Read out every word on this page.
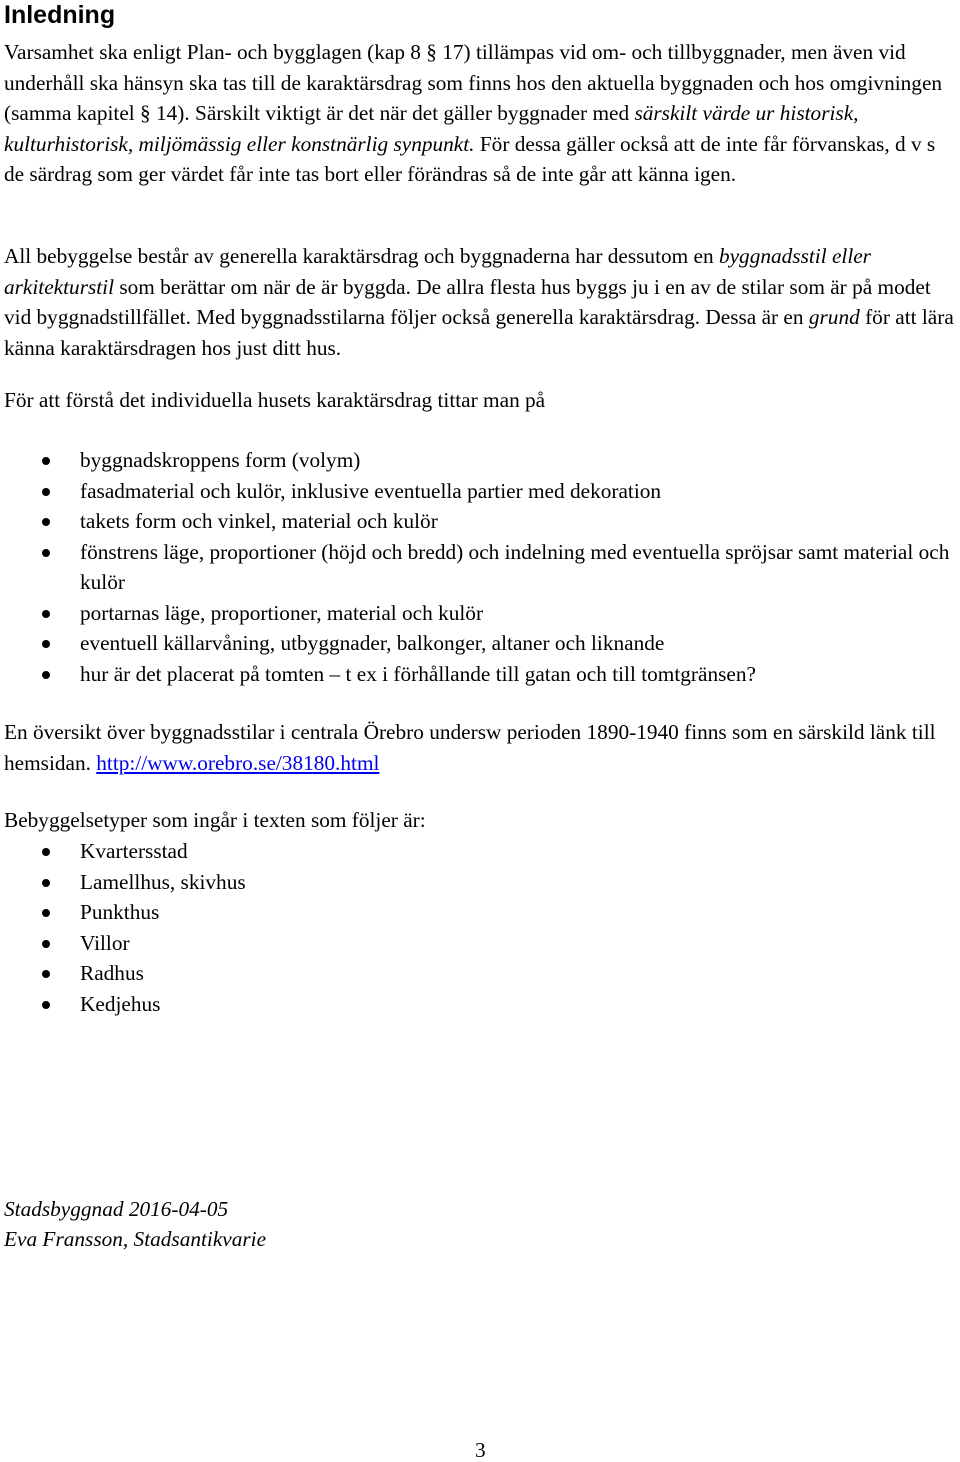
Inledning

Varsamhet ska enligt Plan- och bygglagen (kap 8 § 17) tillämpas vid om- och tillbyggnader, men även vid underhåll ska hänsyn ska tas till de karaktärsdrag som finns hos den aktuella byggnaden och hos omgivningen (samma kapitel § 14). Särskilt viktigt är det när det gäller byggnader med särskilt värde ur historisk, kulturhistorisk, miljömässig eller konstnärlig synpunkt. För dessa gäller också att de inte får förvanskas, d v s de särdrag som ger värdet får inte tas bort eller förändras så de inte går att känna igen.

All bebyggelse består av generella karaktärsdrag och byggnaderna har dessutom en byggnadsstil eller arkitekturstil som berättar om när de är byggda. De allra flesta hus byggs ju i en av de stilar som är på modet vid byggnadstillfället. Med byggnadsstilarna följer också generella karaktärsdrag. Dessa är en grund för att lära känna karaktärsdragen hos just ditt hus.

För att förstå det individuella husets karaktärsdrag tittar man på

byggnadskroppens form (volym)
fasadmaterial och kulör, inklusive eventuella partier med dekoration
takets form och vinkel, material och kulör
fönstrens läge, proportioner (höjd och bredd) och indelning med eventuella spröjsar samt material och kulör
portarnas läge, proportioner, material och kulör
eventuell källarvåning, utbyggnader, balkonger, altaner och liknande
hur är det placerat på tomten – t ex i förhållande till gatan och till tomtgränsen?

En översikt över byggnadsstilar i centrala Örebro undersw perioden 1890-1940 finns som en särskild länk till hemsidan. http://www.orebro.se/38180.html

Bebyggelsetyper som ingår i texten som följer är:

Kvartersstad
Lamellhus, skivhus
Punkthus
Villor
Radhus
Kedjehus
Stadsbyggnad 2016-04-05
Eva Fransson, Stadsantikvarie
3
